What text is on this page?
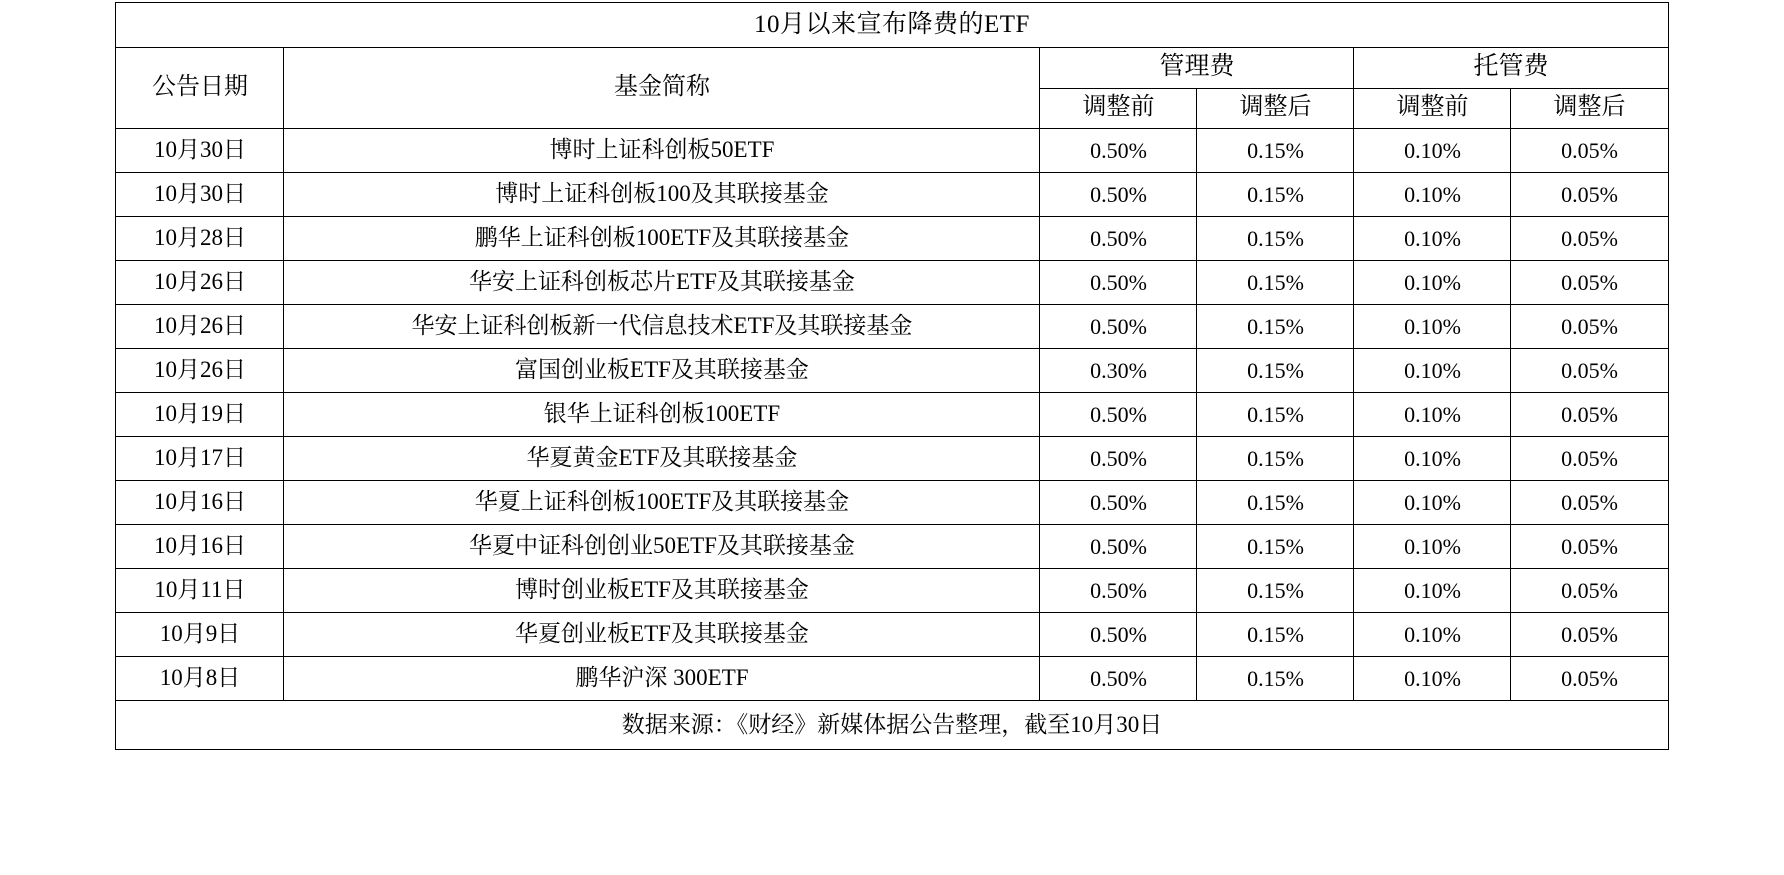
10月以来宣布降费的ETF					
公告日期	基金简称	管理费		托管费	
		调整前	调整后	调整前	调整后
10月30日	博时上证科创板50ETF	0.50%	0.15%	0.10%	0.05%
10月30日	博时上证科创板100及其联接基金	0.50%	0.15%	0.10%	0.05%
10月28日	鹏华上证科创板100ETF及其联接基金	0.50%	0.15%	0.10%	0.05%
10月26日	华安上证科创板芯片ETF及其联接基金	0.50%	0.15%	0.10%	0.05%
10月26日	华安上证科创板新一代信息技术ETF及其联接基金	0.50%	0.15%	0.10%	0.05%
10月26日	富国创业板ETF及其联接基金	0.30%	0.15%	0.10%	0.05%
10月19日	银华上证科创板100ETF	0.50%	0.15%	0.10%	0.05%
10月17日	华夏黄金ETF及其联接基金	0.50%	0.15%	0.10%	0.05%
10月16日	华夏上证科创板100ETF及其联接基金	0.50%	0.15%	0.10%	0.05%
10月16日	华夏中证科创创业50ETF及其联接基金	0.50%	0.15%	0.10%	0.05%
10月11日	博时创业板ETF及其联接基金	0.50%	0.15%	0.10%	0.05%
10月9日	华夏创业板ETF及其联接基金	0.50%	0.15%	0.10%	0.05%
10月8日	鹏华沪深 300ETF	0.50%	0.15%	0.10%	0.05%
数据来源：《财经》新媒体据公告整理，截至10月30日					
